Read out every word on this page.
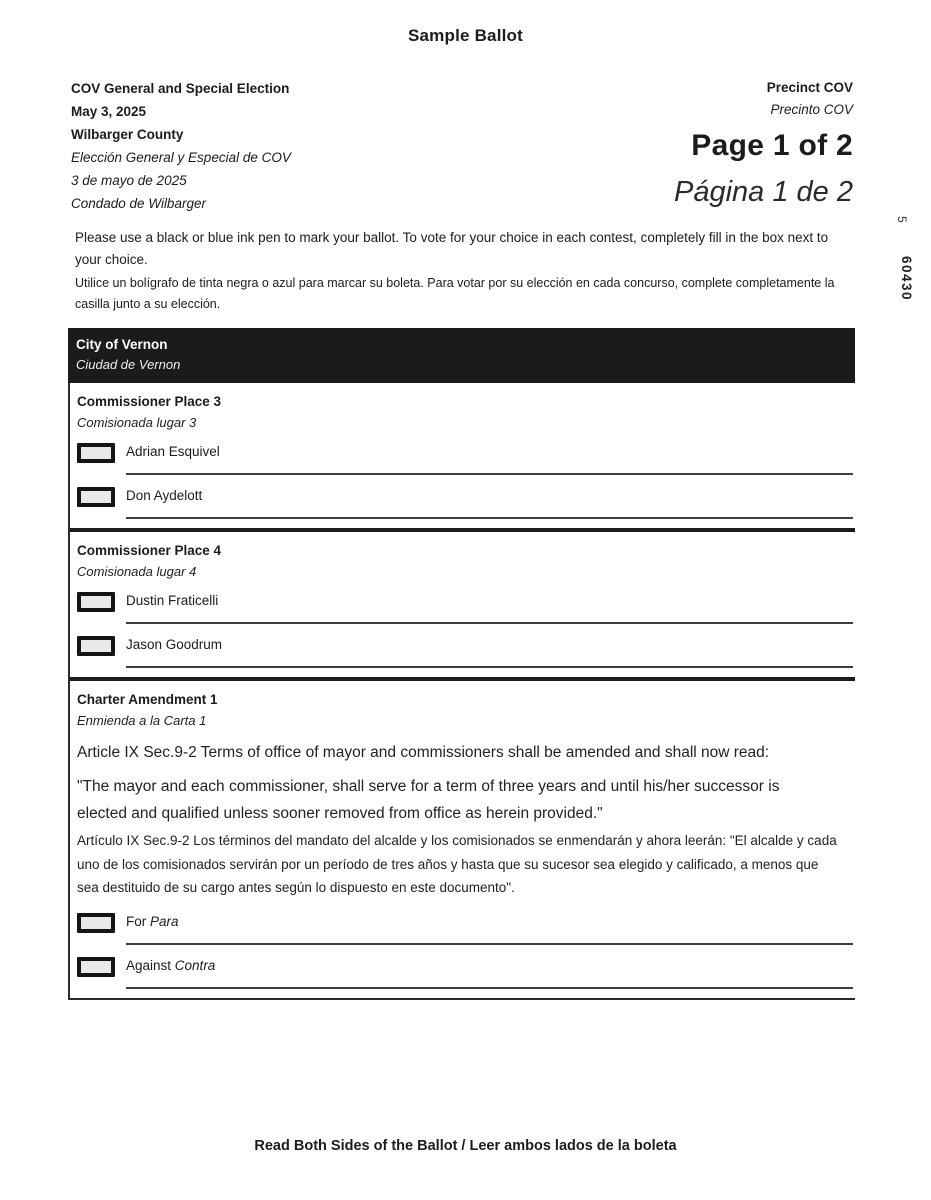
Sample Ballot
COV General and Special Election
May 3, 2025
Wilbarger County
Elección General y Especial de COV
3 de mayo de 2025
Condado de Wilbarger
Precinct COV
Precinto COV
Page 1 of 2
Página 1 de 2
Please use a black or blue ink pen to mark your ballot. To vote for your choice in each contest, completely fill in the box next to your choice.
Utilice un bolígrafo de tinta negra o azul para marcar su boleta. Para votar por su elección en cada concurso, complete completamente la casilla junto a su elección.
5
60430
City of Vernon
Ciudad de Vernon
Commissioner Place 3
Comisionada lugar 3
Adrian Esquivel
Don Aydelott
Commissioner Place 4
Comisionada lugar 4
Dustin Fraticelli
Jason Goodrum
Charter Amendment 1
Enmienda a la Carta 1
Article IX Sec.9-2 Terms of office of mayor and commissioners shall be amended and shall now read:
"The mayor and each commissioner, shall serve for a term of three years and until his/her successor is elected and qualified unless sooner removed from office as herein provided."
Artículo IX Sec.9-2 Los términos del mandato del alcalde y los comisionados se enmendarán y ahora leerán: "El alcalde y cada uno de los comisionados servirán por un período de tres años y hasta que su sucesor sea elegido y calificado, a menos que sea destituido de su cargo antes según lo dispuesto en este documento".
For Para
Against Contra
Read Both Sides of the Ballot / Leer ambos lados de la boleta
